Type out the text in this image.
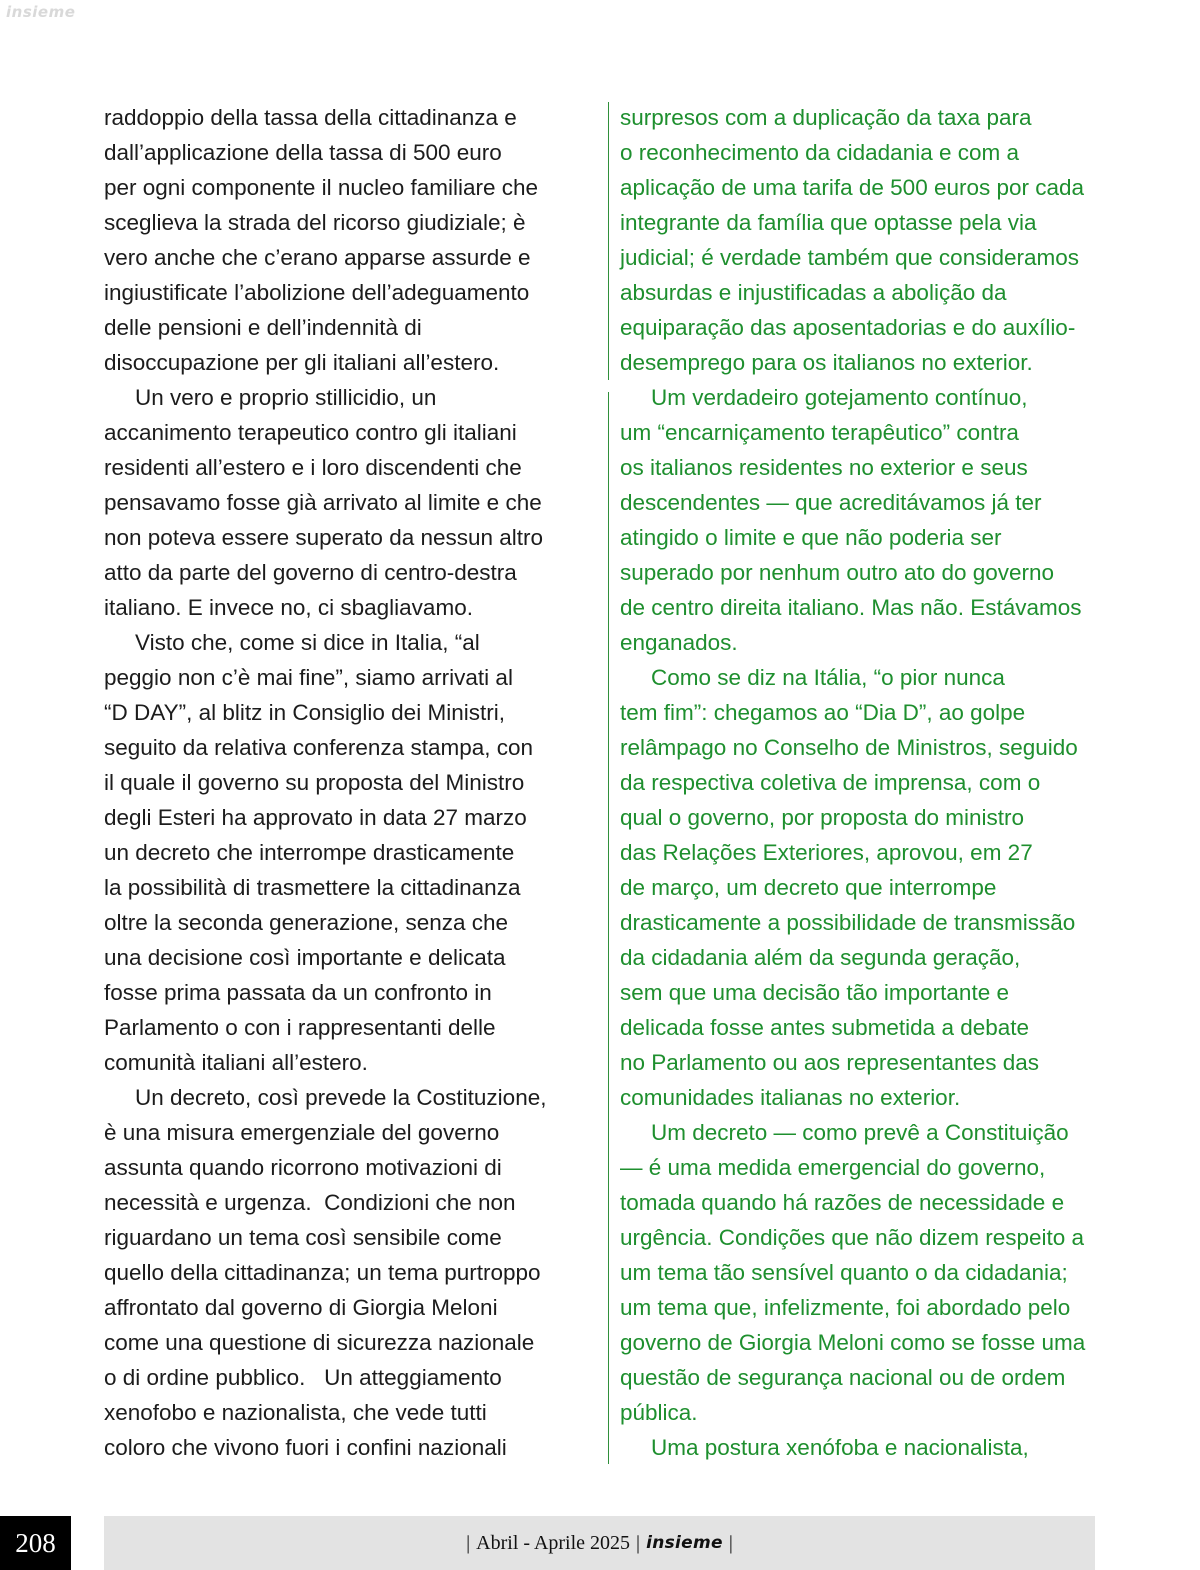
insieme

raddoppio della tassa della cittadinanza e

dall’applicazione della tassa di 500 euro

per ogni componente il nucleo familiare che

sceglieva la strada del ricorso giudiziale; è

vero anche che c’erano apparse assurde e

ingiustificate l’abolizione dell’adeguamento

delle pensioni e dell’indennità di

disoccupazione per gli italiani all’estero.

Un vero e proprio stillicidio, un

accanimento terapeutico contro gli italiani

residenti all’estero e i loro discendenti che

pensavamo fosse già arrivato al limite e che

non poteva essere superato da nessun altro

atto da parte del governo di centro-destra

italiano. E invece no, ci sbagliavamo.

Visto che, come si dice in Italia, “al

peggio non c’è mai fine”, siamo arrivati al

“D DAY”, al blitz in Consiglio dei Ministri,

seguito da relativa conferenza stampa, con

il quale il governo su proposta del Ministro

degli Esteri ha approvato in data 27 marzo

un decreto che interrompe drasticamente

la possibilità di trasmettere la cittadinanza

oltre la seconda generazione, senza che

una decisione così importante e delicata

fosse prima passata da un confronto in

Parlamento o con i rappresentanti delle

comunità italiani all’estero.

Un decreto, così prevede la Costituzione,

è una misura emergenziale del governo

assunta quando ricorrono motivazioni di

necessità e urgenza.  Condizioni che non

riguardano un tema così sensibile come

quello della cittadinanza; un tema purtroppo

affrontato dal governo di Giorgia Meloni

come una questione di sicurezza nazionale

o di ordine pubblico.   Un atteggiamento

xenofobo e nazionalista, che vede tutti

coloro che vivono fuori i confini nazionali

surpresos com a duplicação da taxa para

o reconhecimento da cidadania e com a

aplicação de uma tarifa de 500 euros por cada

integrante da família que optasse pela via

judicial; é verdade também que consideramos

absurdas e injustificadas a abolição da

equiparação das aposentadorias e do auxílio-

desemprego para os italianos no exterior.

Um verdadeiro gotejamento contínuo,

um “encarniçamento terapêutico” contra

os italianos residentes no exterior e seus

descendentes — que acreditávamos já ter

atingido o limite e que não poderia ser

superado por nenhum outro ato do governo

de centro direita italiano. Mas não. Estávamos

enganados.

Como se diz na Itália, “o pior nunca

tem fim”: chegamos ao “Dia D”, ao golpe

relâmpago no Conselho de Ministros, seguido

da respectiva coletiva de imprensa, com o

qual o governo, por proposta do ministro

das Relações Exteriores, aprovou, em 27

de março, um decreto que interrompe

drasticamente a possibilidade de transmissão

da cidadania além da segunda geração,

sem que uma decisão tão importante e

delicada fosse antes submetida a debate

no Parlamento ou aos representantes das

comunidades italianas no exterior.

Um decreto — como prevê a Constituição

— é uma medida emergencial do governo,

tomada quando há razões de necessidade e

urgência. Condições que não dizem respeito a

um tema tão sensível quanto o da cidadania;

um tema que, infelizmente, foi abordado pelo

governo de Giorgia Meloni como se fosse uma

questão de segurança nacional ou de ordem

pública.

Uma postura xenófoba e nacionalista,

208	| Abril - Aprile 2025 | insieme |
